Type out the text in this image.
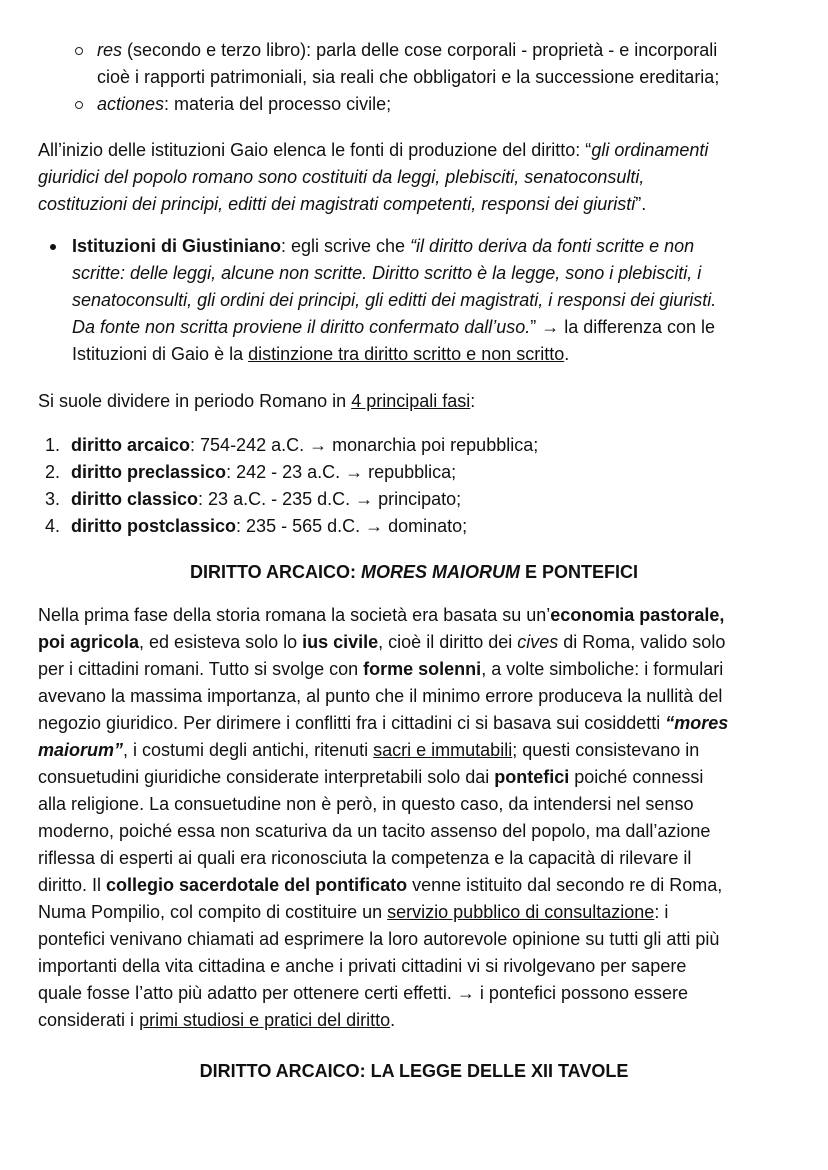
res (secondo e terzo libro): parla delle cose corporali - proprietà - e incorporali
cioè i rapporti patrimoniali, sia reali che obbligatori e la successione ereditaria;
actiones: materia del processo civile;
All’inizio delle istituzioni Gaio elenca le fonti di produzione del diritto: “gli ordinamenti
giuridici del popolo romano sono costituiti da leggi, plebisciti, senatoconsulti,
costituzioni dei principi, editti dei magistrati competenti, responsi dei giuristi”.
Istituzioni di Giustiniano: egli scrive che “il diritto deriva da fonti scritte e non
scritte: delle leggi, alcune non scritte. Diritto scritto è la legge, sono i plebisciti, i
senatoconsulti, gli ordini dei principi, gli editti dei magistrati, i responsi dei giuristi.
Da fonte non scritta proviene il diritto confermato dall’uso.” → la differenza con le
Istituzioni di Gaio è la distinzione tra diritto scritto e non scritto.
Si suole dividere in periodo Romano in 4 principali fasi:
1. diritto arcaico: 754-242 a.C. → monarchia poi repubblica;
2. diritto preclassico: 242 - 23 a.C. → repubblica;
3. diritto classico: 23 a.C. - 235 d.C. → principato;
4. diritto postclassico: 235 - 565 d.C. → dominato;
DIRITTO ARCAICO: MORES MAIORUM E PONTEFICI
Nella prima fase della storia romana la società era basata su un’economia pastorale,
poi agricola, ed esisteva solo lo ius civile, cioè il diritto dei cives di Roma, valido solo
per i cittadini romani. Tutto si svolge con forme solenni, a volte simboliche: i formulari
avevano la massima importanza, al punto che il minimo errore produceva la nullità del
negozio giuridico. Per dirimere i conflitti fra i cittadini ci si basava sui cosiddetti “mores
maiorum”, i costumi degli antichi, ritenuti sacri e immutabili; questi consistevano in
consuetudini giuridiche considerate interpretabili solo dai pontefici poiché connessi
alla religione. La consuetudine non è però, in questo caso, da intendersi nel senso
moderno, poiché essa non scaturiva da un tacito assenso del popolo, ma dall’azione
riflessa di esperti ai quali era riconosciuta la competenza e la capacità di rilevare il
diritto. Il collegio sacerdotale del pontificato venne istituito dal secondo re di Roma,
Numa Pompilio, col compito di costituire un servizio pubblico di consultazione: i
pontefici venivano chiamati ad esprimere la loro autorevole opinione su tutti gli atti più
importanti della vita cittadina e anche i privati cittadini vi si rivolgevano per sapere
quale fosse l’atto più adatto per ottenere certi effetti. → i pontefici possono essere
considerati i primi studiosi e pratici del diritto.
DIRITTO ARCAICO: LA LEGGE DELLE XII TAVOLE
